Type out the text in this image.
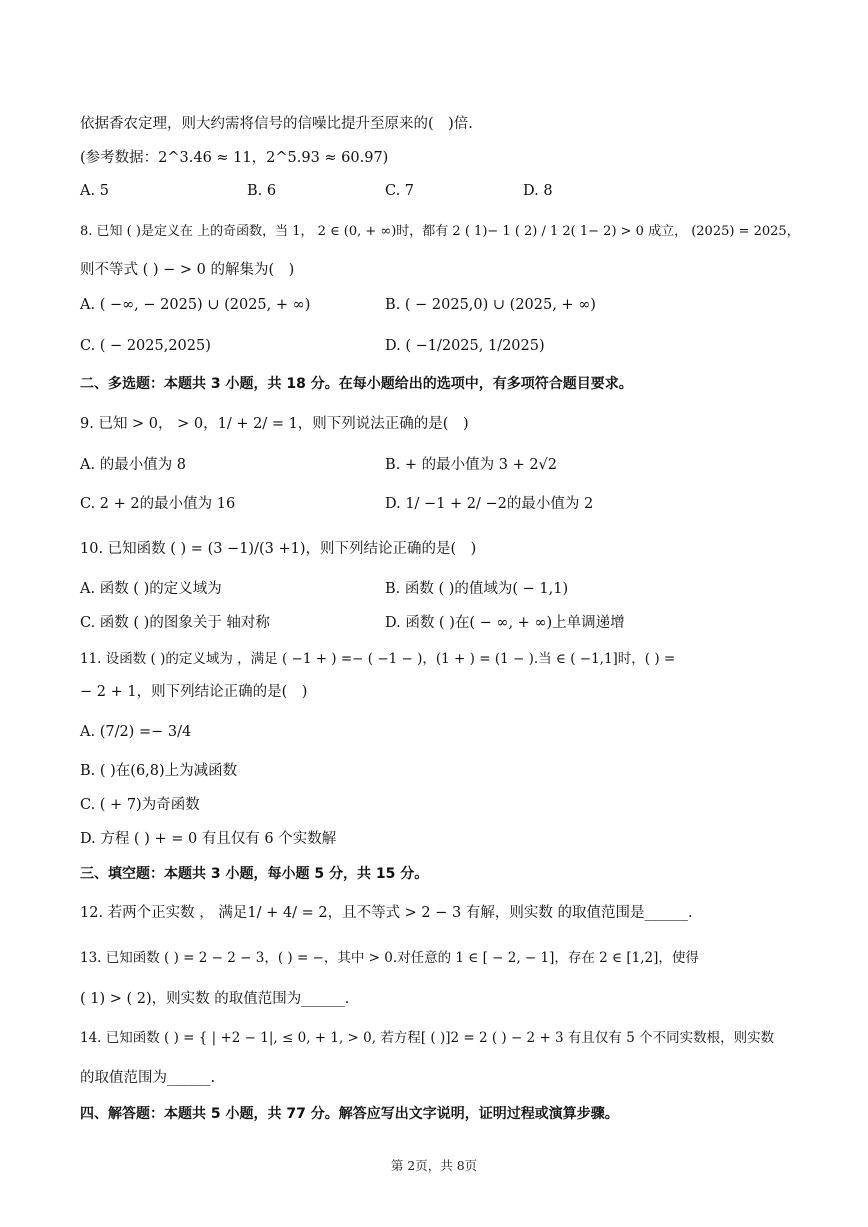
依据香农定理，则大约需将信号的信噪比提升至原来的(　)倍.
(参考数据：2^3.46 ≈ 11，2^5.93 ≈ 60.97)
A. 5	B. 6	C. 7	D. 8
8. 已知 ( )是定义在 上的奇函数，当 1， 2 ∈ (0, + ∞)时，都有 2 ( 1)− 1 ( 2) / 1 2( 1− 2) > 0 成立， (2025) = 2025，
则不等式 ( ) − > 0 的解集为(　)
A. ( −∞, − 2025) ∪ (2025, + ∞)	B. ( − 2025,0) ∪ (2025, + ∞)
C. ( − 2025,2025)	D. ( −1/2025, 1/2025)
二、多选题：本题共 3 小题，共 18 分。在每小题给出的选项中，有多项符合题目要求。
9. 已知 > 0， > 0，1/ + 2/ = 1，则下列说法正确的是(　)
A. 的最小值为 8	B. + 的最小值为 3 + 2√2
C. 2 + 2的最小值为 16	D. 1/ −1 + 2/ −2的最小值为 2
10. 已知函数 ( ) = (3 −1)/(3 +1)，则下列结论正确的是(　)
A. 函数 ( )的定义域为	B. 函数 ( )的值域为( − 1,1)
C. 函数 ( )的图象关于 轴对称	D. 函数 ( )在( − ∞, + ∞)上单调递增
11. 设函数 ( )的定义域为 ，满足 ( −1 + ) =− ( −1 − )，(1 + ) = (1 − ).当 ∈ ( −1,1]时，( ) =
− 2 + 1，则下列结论正确的是(　)
A. (7/2) =− 3/4
B. ( )在(6,8)上为减函数
C. ( + 7)为奇函数
D. 方程 ( ) + = 0 有且仅有 6 个实数解
三、填空题：本题共 3 小题，每小题 5 分，共 15 分。
12. 若两个正实数 ， 满足1/ + 4/ = 2，且不等式 > 2 − 3 有解，则实数 的取值范围是______.
13. 已知函数 ( ) = 2 − 2 − 3，( ) = −，其中 > 0.对任意的 1 ∈ [ − 2, − 1]，存在 2 ∈ [1,2]，使得
( 1) > ( 2)，则实数 的取值范围为______.
14. 已知函数 ( ) = { | +2 − 1|, ≤ 0, + 1, > 0, 若方程[ ( )]2 = 2 ( ) − 2 + 3 有且仅有 5 个不同实数根，则实数
的取值范围为______.
四、解答题：本题共 5 小题，共 77 分。解答应写出文字说明，证明过程或演算步骤。
第 2页，共 8页
